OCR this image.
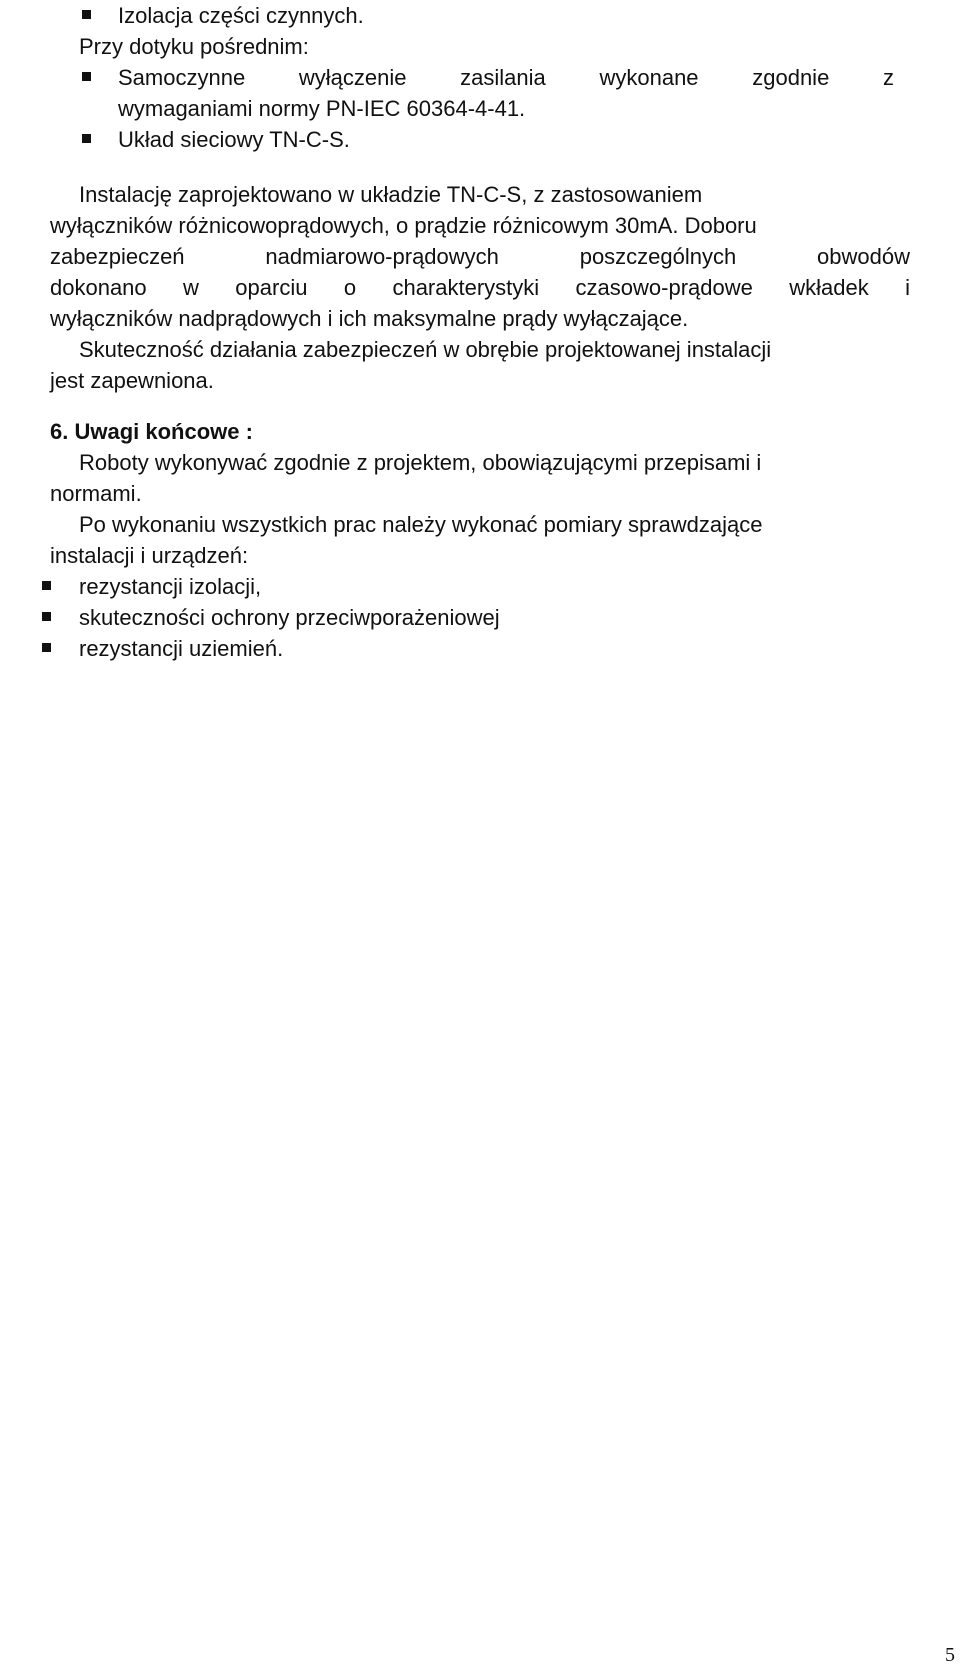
Izolacja części czynnych.
Przy dotyku pośrednim:
Samoczynne wyłączenie zasilania wykonane zgodnie z
wymaganiami normy PN-IEC 60364-4-41.
Układ sieciowy TN-C-S.
Instalację zaprojektowano w układzie TN-C-S, z zastosowaniem
wyłączników różnicowoprądowych, o prądzie różnicowym 30mA. Doboru
zabezpieczeń	nadmiarowo-prądowych	poszczególnych	obwodów
dokonano w oparciu o charakterystyki czasowo-prądowe wkładek i
wyłączników nadprądowych i ich maksymalne prądy wyłączające.
Skuteczność działania zabezpieczeń w obrębie projektowanej instalacji
jest zapewniona.
6. Uwagi końcowe :
Roboty wykonywać zgodnie z projektem, obowiązującymi przepisami i
normami.
Po wykonaniu wszystkich prac należy wykonać pomiary sprawdzające
instalacji i urządzeń:
rezystancji izolacji,
skuteczności ochrony przeciwporażeniowej
rezystancji uziemień.
5
